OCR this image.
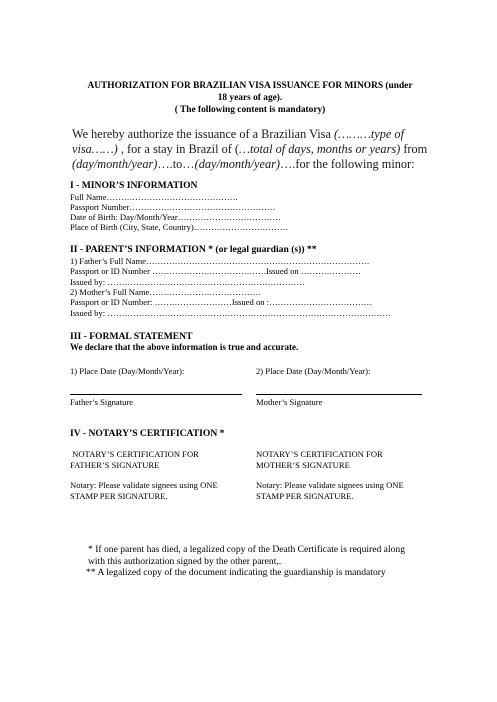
AUTHORIZATION FOR BRAZILIAN VISA ISSUANCE FOR MINORS (under
18 years of age).
( The following content is mandatory)
We hereby authorize the issuance of a Brazilian Visa (………type of visa……) , for a stay in Brazil of (…total of days, months or years) from (day/month/year)….to…(day/month/year)….for the following minor:
I - MINOR’S INFORMATION
Full Name……………………………………….
Passport Number……………………………………………
Date of Birth: Day/Month/Year………………………………
Place of Birth (City, State, Country)……………………………
II - PARENT’S INFORMATION * (or legal guardian (s)) **
1) Father’s Full Name……………………………………………………………………
Passport or ID Number ………………………………….Issued on …………………
Issued by: ……………………………………………………………
2) Mother’s Full Name…………………………………
Passport or ID Number: ………………………Issued on :………………………………
Issued by: ………………………………………………………………………………………
III - FORMAL STATEMENT
We declare that the above information is true and accurate.
1) Place Date (Day/Month/Year):	2) Place Date (Day/Month/Year):
Father’s Signature	Mother’s Signature
IV - NOTARY’S CERTIFICATION *
NOTARY’S CERTIFICATION FOR
FATHER’S SIGNATURE
NOTARY’S CERTIFICATION FOR
MOTHER’S SIGNATURE
Notary: Please validate signees using ONE
STAMP PER SIGNATURE.
Notary: Please validate signees using ONE
STAMP PER SIGNATURE.
* If one parent has died, a legalized copy of the Death Certificate is required along
with this authorization signed by the other parent,.
** A legalized copy of the document indicating the guardianship is mandatory
